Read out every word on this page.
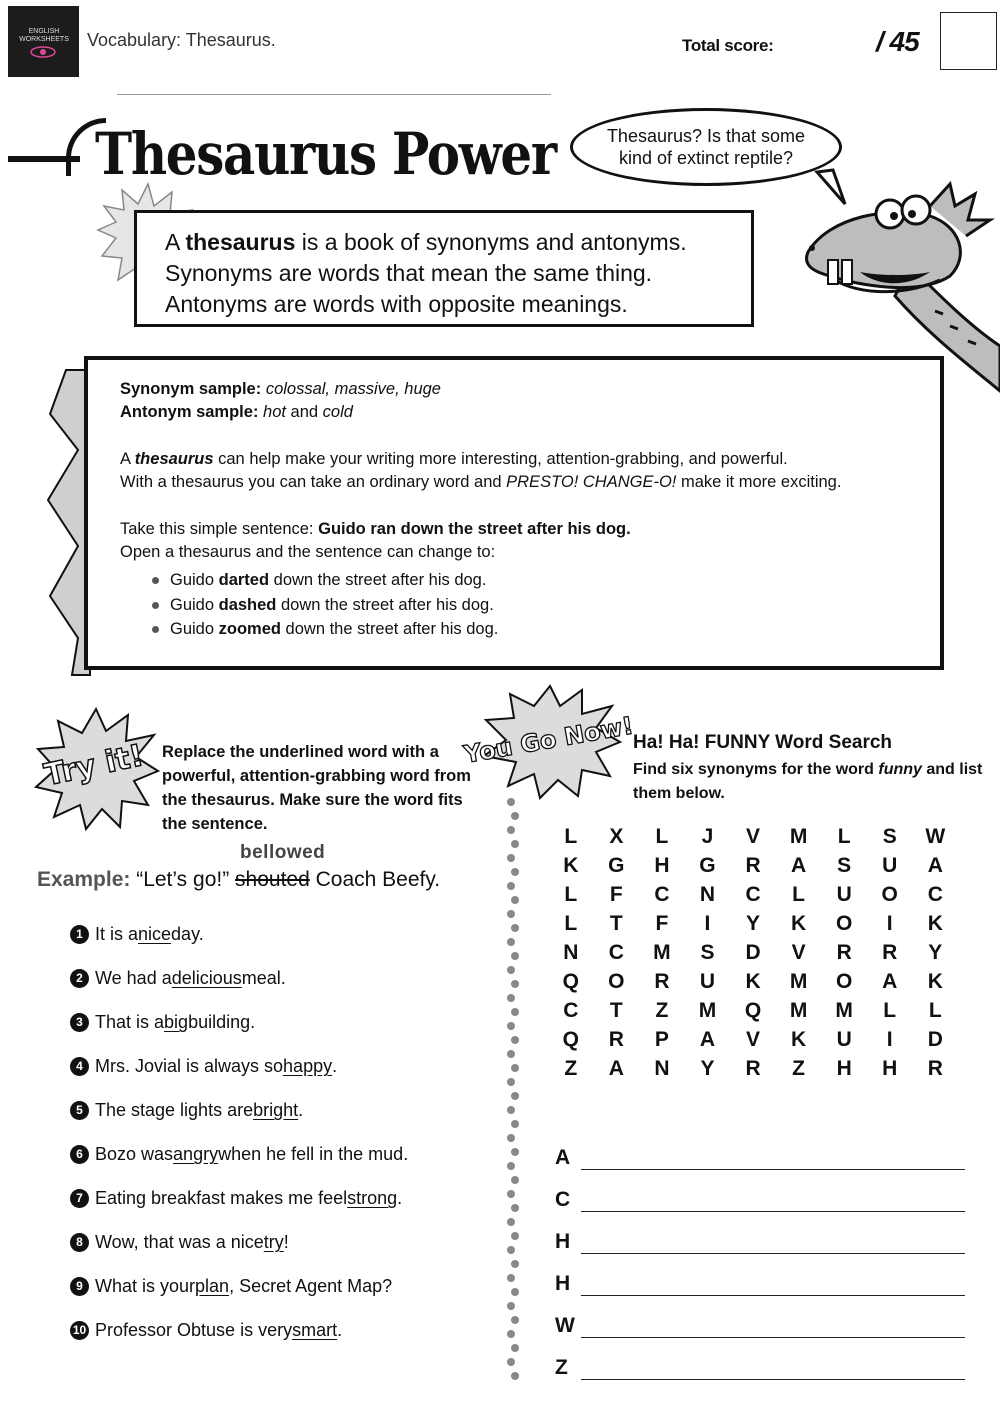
ENGLISH WORKSHEETS Vocabulary: Thesaurus.	Total score:	/ 45
Thesaurus Power	Thesaurus? Is that some
kind of extinct reptile?

A thesaurus is a book of synonyms and antonyms.

Synonyms are words that mean the same thing.

Antonyms are words with opposite meanings.

Synonym sample: colossal, massive, huge

Antonym sample: hot and cold

A thesaurus can help make your writing more interesting, attention-grabbing, and powerful.

With a thesaurus you can take an ordinary word and PRESTO! CHANGE-O! make it more exciting.

Take this simple sentence: Guido ran down the street after his dog.

Open a thesaurus and the sentence can change to:

Guido darted down the street after his dog.
Guido dashed down the street after his dog.
Guido zoomed down the street after his dog.
Try it! Replace the underlined word with a powerful, attention-grabbing word from the thesaurus. Make sure the word fits the sentence.
bellowed
Example: “Let’s go!” shouted Coach Beefy.
1 It is a nice day.
2 We had a delicious meal.
3 That is a big building.
4 Mrs. Jovial is always so happy .
5 The stage lights are bright .
6 Bozo was angry when he fell in the mud.
7 Eating breakfast makes me feel strong .
8 Wow, that was a nice try !
9 What is your plan , Secret Agent Map?
10 Professor Obtuse is very smart .
You Go Now!
Ha! Ha! FUNNY Word Search
Find six synonyms for the word funny and list them below.
L	X	L	J	V	M	L	S	W
K	G	H	G	R	A	S	U	A
L	F	C	N	C	L	U	O	C
L	T	F	I	Y	K	O	I	K
N	C	M	S	D	V	R	R	Y
Q	O	R	U	K	M	O	A	K
C	T	Z	M	Q	M	M	L	L
Q	R	P	A	V	K	U	I	D
Z	A	N	Y	R	Z	H	H	R
A
C
H
H
W
Z
